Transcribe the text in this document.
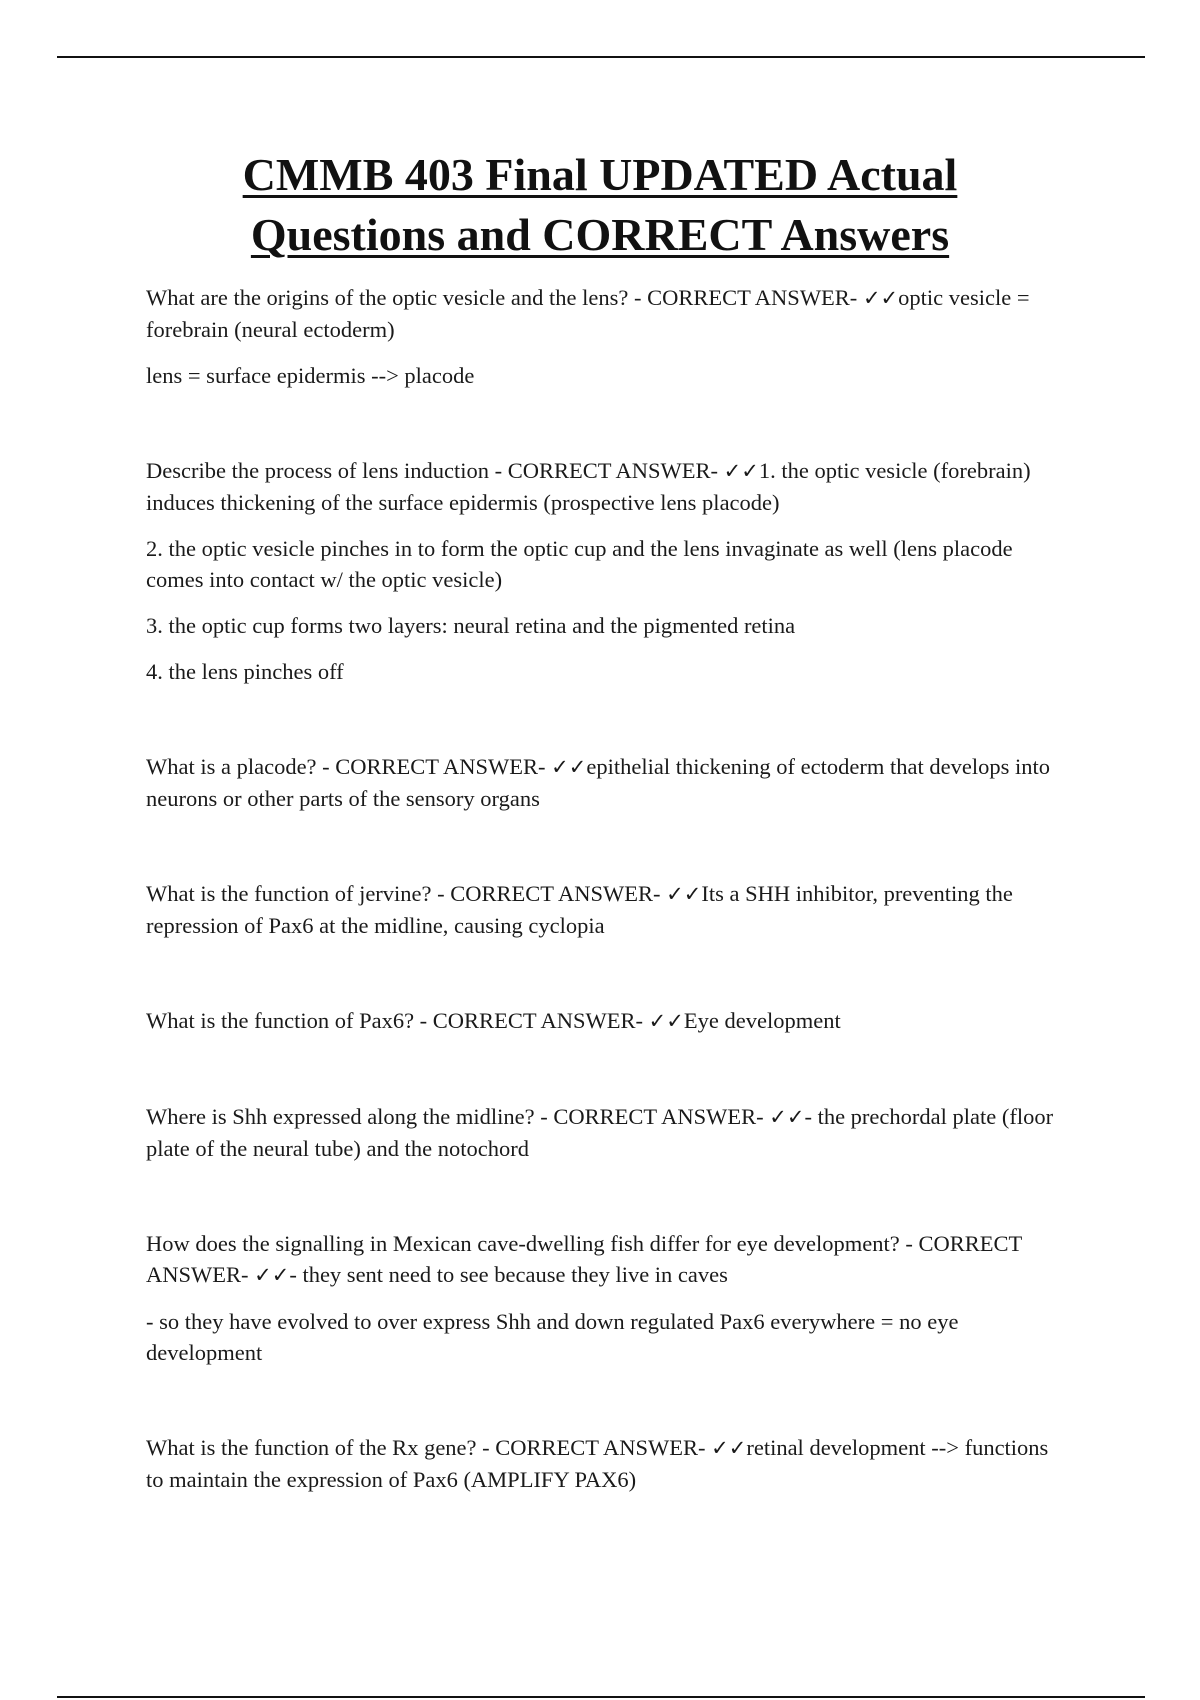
CMMB 403 Final UPDATED Actual Questions and CORRECT Answers

What are the origins of the optic vesicle and the lens? - CORRECT ANSWER- ✓✓optic vesicle = forebrain (neural ectoderm)

lens = surface epidermis --> placode

Describe the process of lens induction - CORRECT ANSWER- ✓✓1. the optic vesicle (forebrain) induces thickening of the surface epidermis (prospective lens placode)

2. the optic vesicle pinches in to form the optic cup and the lens invaginate as well (lens placode comes into contact w/ the optic vesicle)

3. the optic cup forms two layers: neural retina and the pigmented retina

4. the lens pinches off

What is a placode? - CORRECT ANSWER- ✓✓epithelial thickening of ectoderm that develops into neurons or other parts of the sensory organs

What is the function of jervine? - CORRECT ANSWER- ✓✓Its a SHH inhibitor, preventing the repression of Pax6 at the midline, causing cyclopia

What is the function of Pax6? - CORRECT ANSWER- ✓✓Eye development

Where is Shh expressed along the midline? - CORRECT ANSWER- ✓✓- the prechordal plate (floor plate of the neural tube) and the notochord

How does the signalling in Mexican cave-dwelling fish differ for eye development? - CORRECT ANSWER- ✓✓- they sent need to see because they live in caves

- so they have evolved to over express Shh and down regulated Pax6 everywhere = no eye development

What is the function of the Rx gene? - CORRECT ANSWER- ✓✓retinal development --> functions to maintain the expression of Pax6 (AMPLIFY PAX6)
